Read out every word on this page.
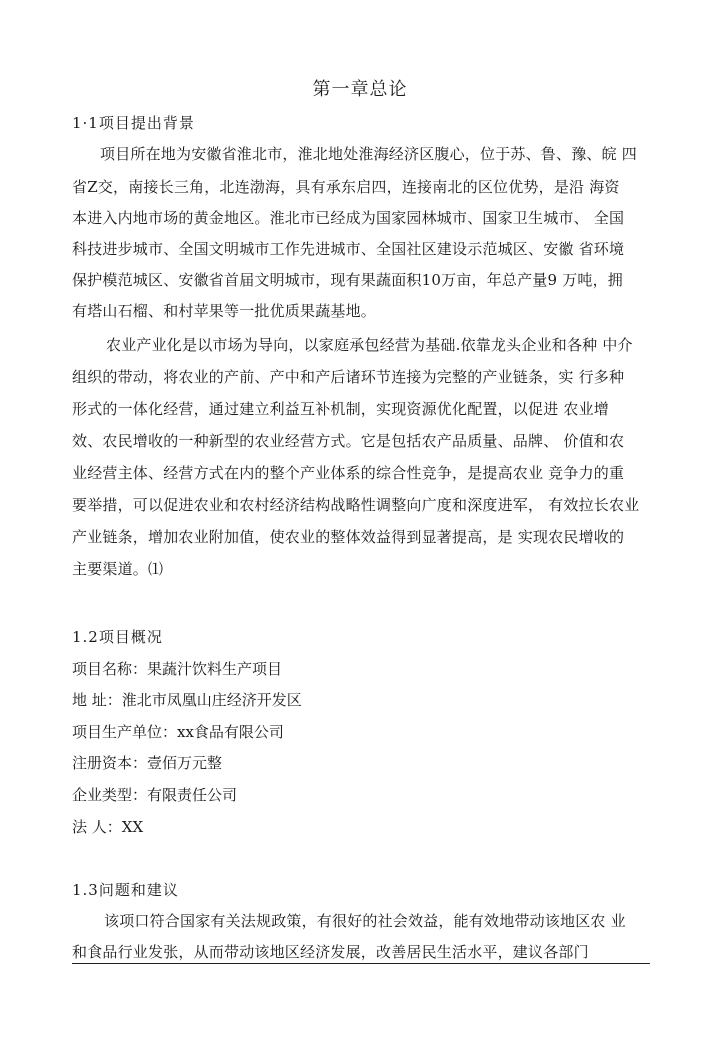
第一章总论
1·1项目提出背景
项目所在地为安徽省淮北市，淮北地处淮海经济区腹心，位于苏、鲁、豫、皖 四
省Z交，南接长三角，北连渤海，具有承东启四，连接南北的区位优势，是沿 海资
本进入内地市场的黄金地区。淮北市已经成为国家园林城市、国家卫生城市、 全国
科技进步城市、全国文明城市工作先进城市、全国社区建设示范城区、安徽 省环境
保护模范城区、安徽省首届文明城市，现有果蔬面积10万亩，年总产量9 万吨，拥
有塔山石榴、和村苹果等一批优质果蔬基地。
农业产业化是以市场为导向，以家庭承包经营为基础.依靠龙头企业和各种 中介
组织的带动，将农业的产前、产中和产后诸环节连接为完整的产业链条，实 行多种
形式的一体化经营，通过建立利益互补机制，实现资源优化配置，以促进 农业增
效、农民增收的一种新型的农业经营方式。它是包括农产品质量、品牌、 价值和农
业经营主体、经营方式在内的整个产业体系的综合性竞争，是提高农业 竞争力的重
要举措，可以促进农业和农村经济结构战略性调整向广度和深度进军， 有效拉长农业
产业链条，增加农业附加值，使农业的整体效益得到显著提高，是 实现农民增收的
主要渠道。⑴
1.2项目概况
项目名称：果蔬汁饮料生产项目
地 址：淮北市凤凰山庄经济开发区
项目生产单位：xx食品有限公司
注册资本：壹佰万元整
企业类型：有限责任公司
法 人：XX
1.3问题和建议
该项口符合国家有关法规政策，有很好的社会效益，能有效地带动该地区农 业
和食品行业发张，从而带动该地区经济发展，改善居民生活水平，建议各部门
